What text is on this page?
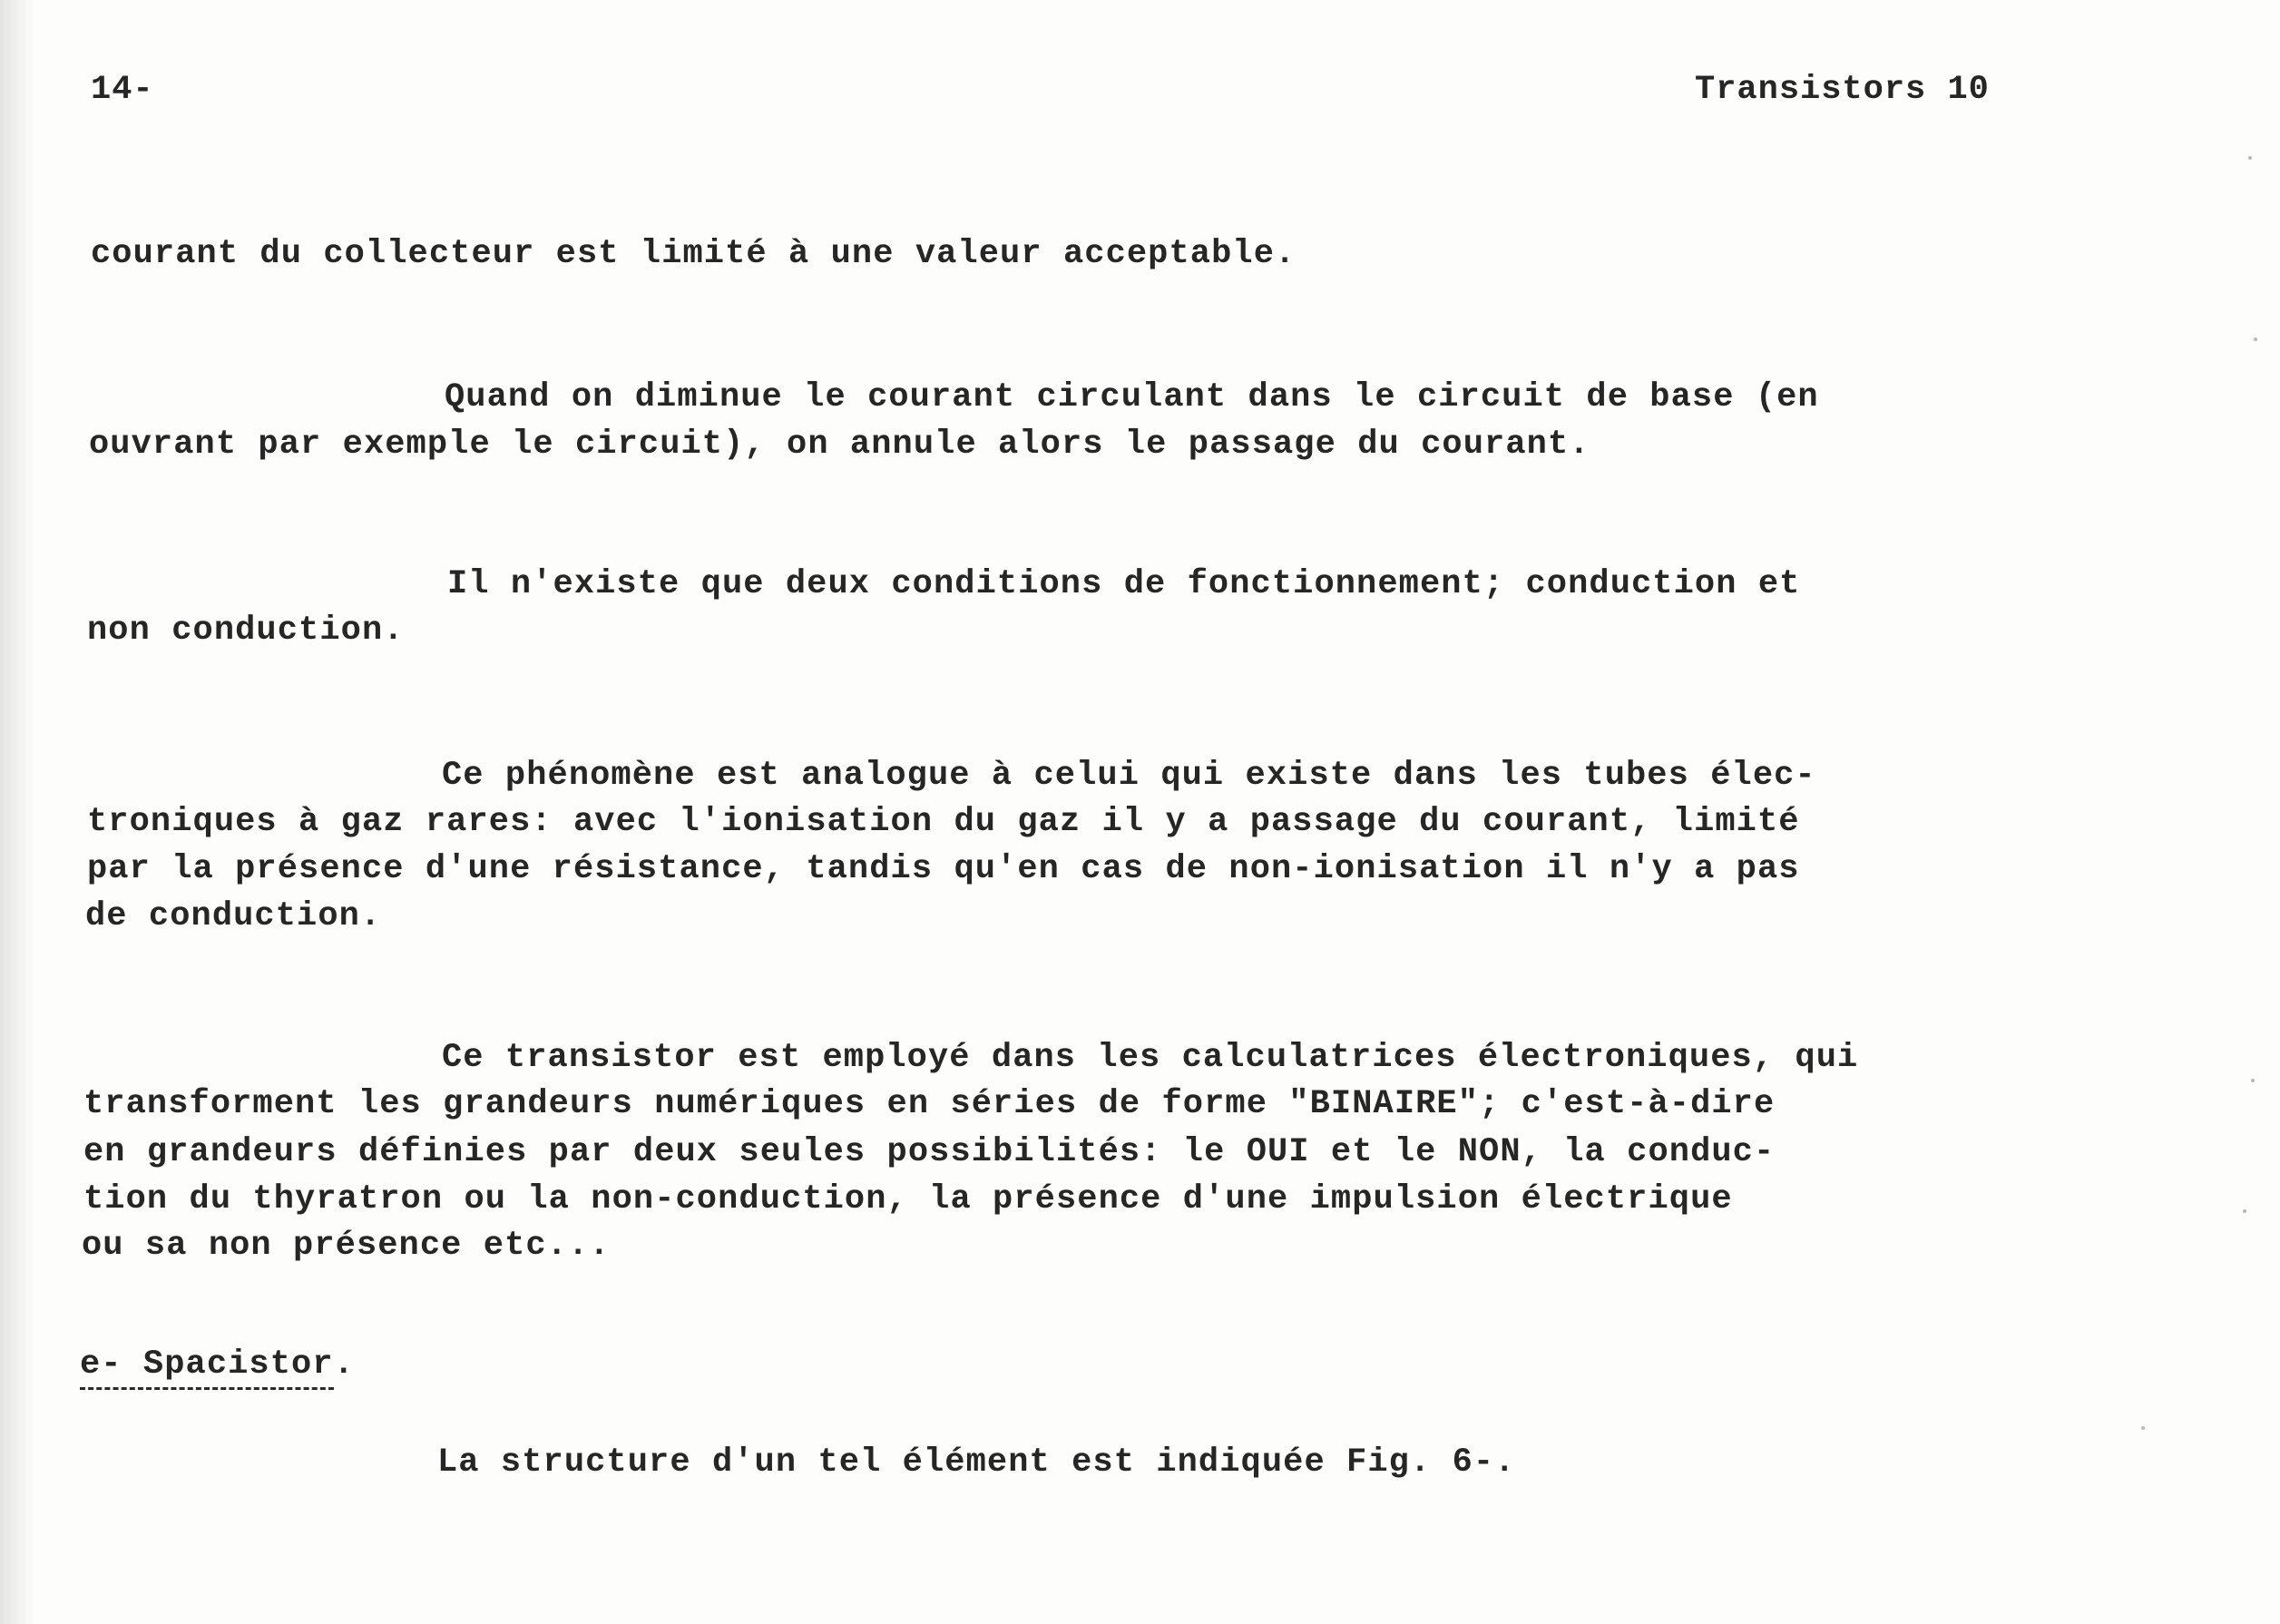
14-	Transistors 10
courant du collecteur est limité à une valeur acceptable.
Quand on diminue le courant circulant dans le circuit de base (en
ouvrant par exemple le circuit), on annule alors le passage du courant.
Il n'existe que deux conditions de fonctionnement; conduction et
non conduction.
Ce phénomène est analogue à celui qui existe dans les tubes élec-
troniques à gaz rares: avec l'ionisation du gaz il y a passage du courant, limité
par la présence d'une résistance, tandis qu'en cas de non-ionisation il n'y a pas
de conduction.
Ce transistor est employé dans les calculatrices électroniques, qui
transforment les grandeurs numériques en séries de forme "BINAIRE"; c'est-à-dire
en grandeurs définies par deux seules possibilités: le OUI et le NON, la conduc-
tion du thyratron ou la non-conduction, la présence d'une impulsion électrique
ou sa non présence etc...
e- Spacistor.
La structure d'un tel élément est indiquée Fig. 6-.
